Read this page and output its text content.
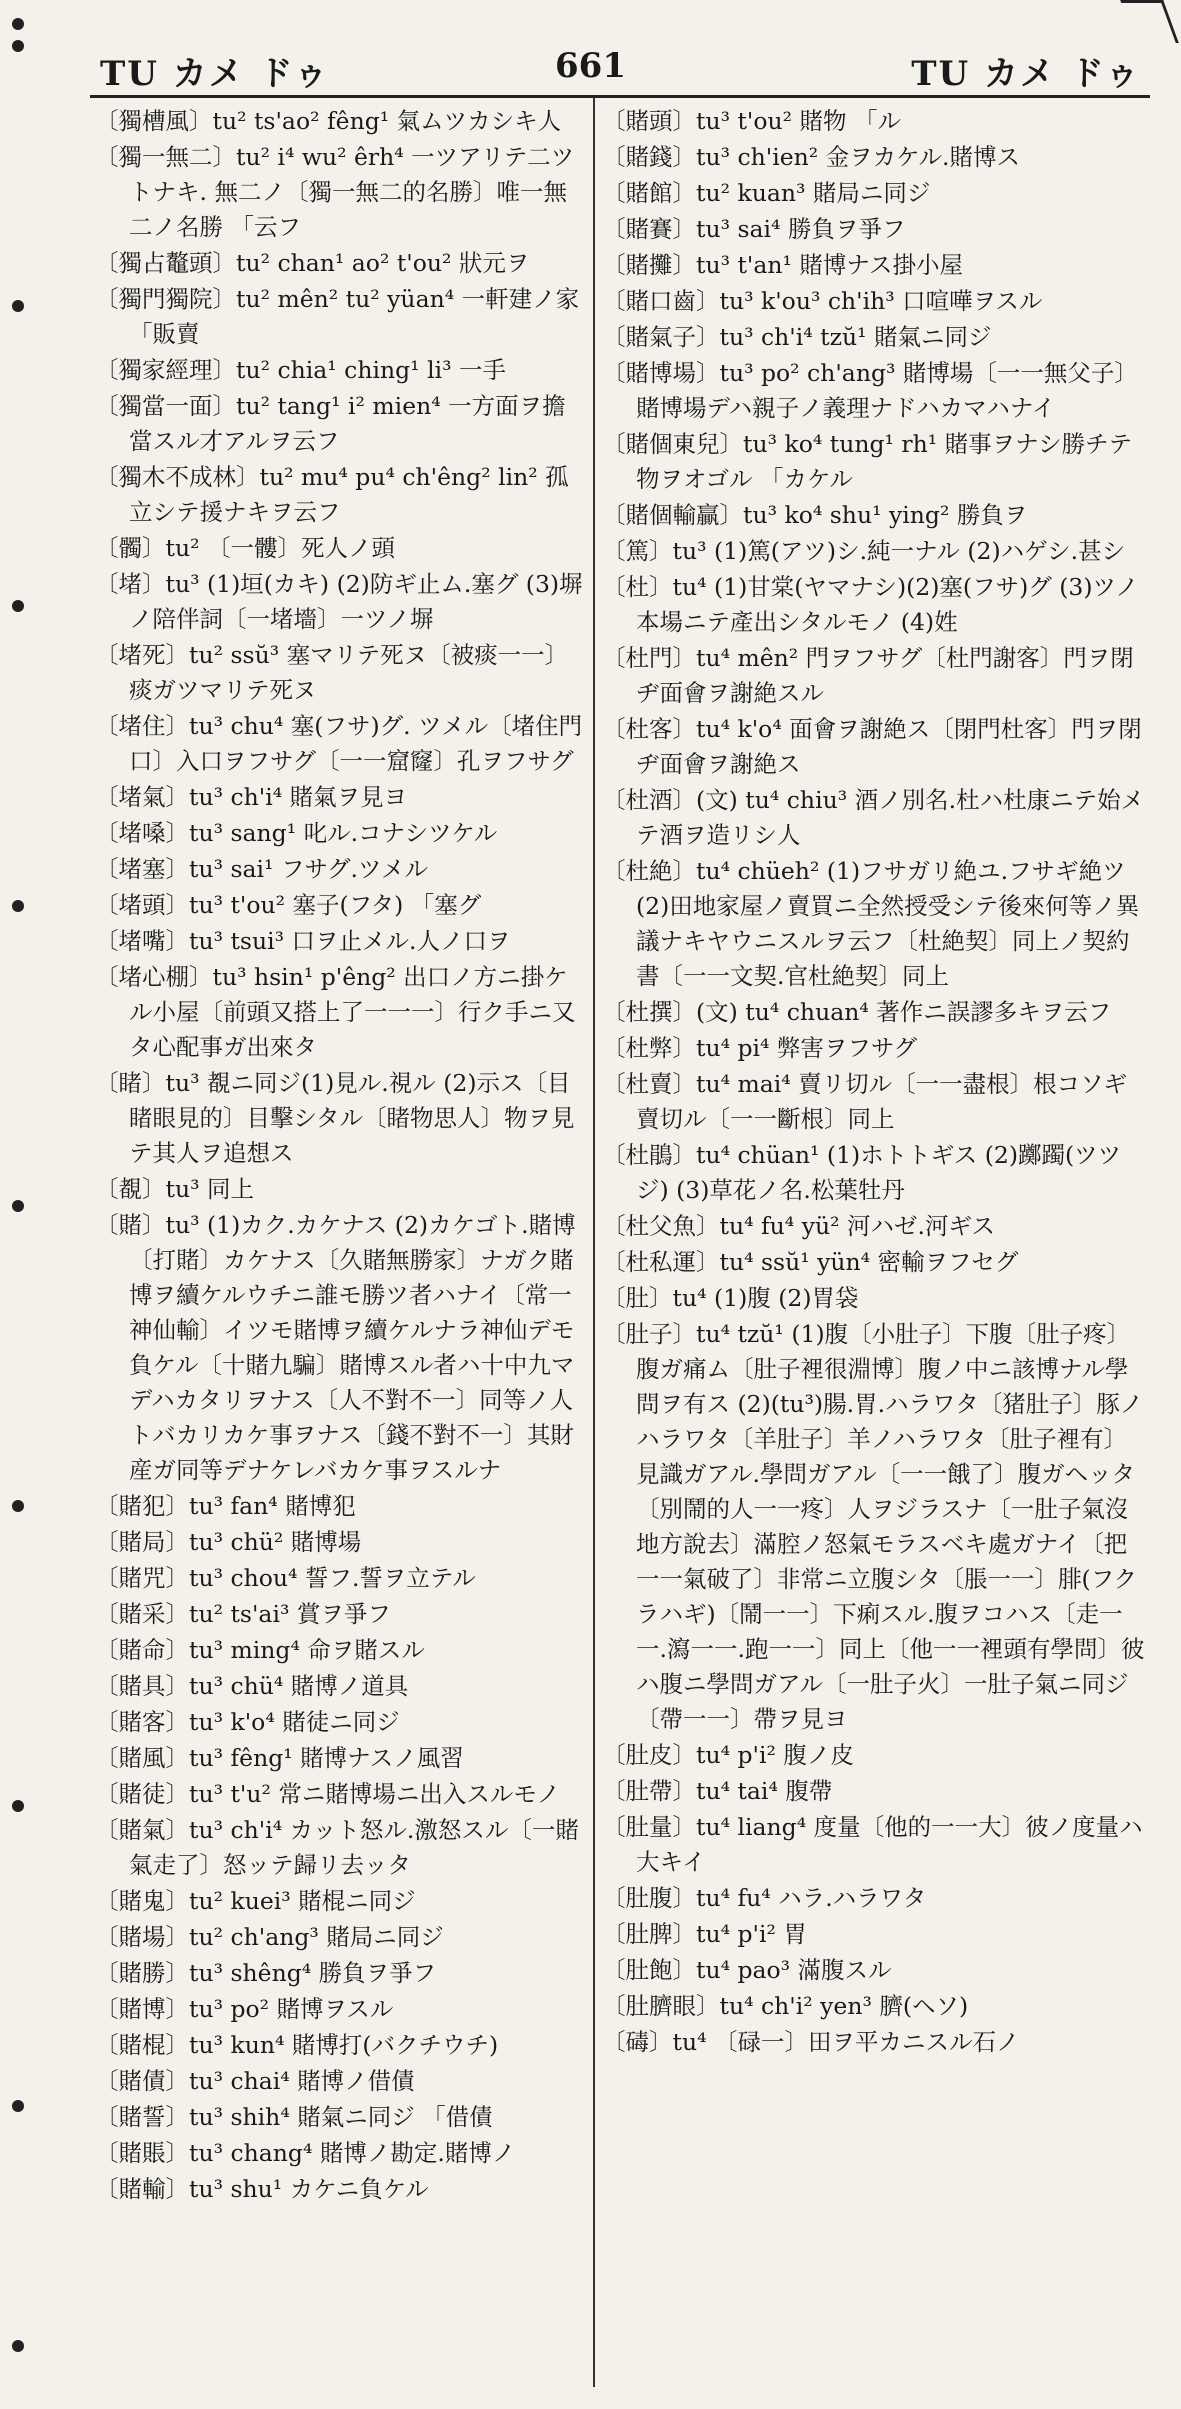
TU カメ ドゥ	661	TU カメ ドゥ

〔獨槽風〕tu² ts'ao² fêng¹ 氣ムツカシキ人

〔獨一無二〕tu² i⁴ wu² êrh⁴ 一ツアリテ二ツトナキ. 無二ノ〔獨一無二的名勝〕唯一無二ノ名勝 「云フ

〔獨占鼇頭〕tu² chan¹ ao² t'ou² 狀元ヲ

〔獨門獨院〕tu² mên² tu² yüan⁴ 一軒建ノ家 「販賣

〔獨家經理〕tu² chia¹ ching¹ li³ 一手

〔獨當一面〕tu² tang¹ i² mien⁴ 一方面ヲ擔當スル才アルヲ云フ

〔獨木不成林〕tu² mu⁴ pu⁴ ch'êng² lin² 孤立シテ援ナキヲ云フ

〔髑〕tu² 〔一髏〕死人ノ頭

〔堵〕tu³ (1)垣(カキ) (2)防ギ止ム.塞グ (3)塀ノ陪伴詞〔一堵墻〕一ツノ塀

〔堵死〕tu² ssŭ³ 塞マリテ死ヌ〔被痰一一〕痰ガツマリテ死ヌ

〔堵住〕tu³ chu⁴ 塞(フサ)グ. ツメル〔堵住門口〕入口ヲフサグ〔一一窟窿〕孔ヲフサグ

〔堵氣〕tu³ ch'i⁴ 賭氣ヲ見ヨ

〔堵嗓〕tu³ sang¹ 叱ル.コナシツケル

〔堵塞〕tu³ sai¹ フサグ.ツメル

〔堵頭〕tu³ t'ou² 塞子(フタ) 「塞グ

〔堵嘴〕tu³ tsui³ 口ヲ止メル.人ノ口ヲ

〔堵心棚〕tu³ hsin¹ p'êng² 出口ノ方ニ掛ケル小屋〔前頭又搭上了一一一〕行ク手ニ又タ心配事ガ出來タ

〔睹〕tu³ 覩ニ同ジ(1)見ル.視ル (2)示ス〔目睹眼見的〕目擊シタル〔睹物思人〕物ヲ見テ其人ヲ追想ス

〔覩〕tu³ 同上

〔賭〕tu³ (1)カク.カケナス (2)カケゴト.賭博〔打賭〕カケナス〔久賭無勝家〕ナガク賭博ヲ續ケルウチニ誰モ勝ツ者ハナイ〔常一神仙輸〕イツモ賭博ヲ續ケルナラ神仙デモ負ケル〔十賭九騙〕賭博スル者ハ十中九マデハカタリヲナス〔人不對不一〕同等ノ人トバカリカケ事ヲナス〔錢不對不一〕其財産ガ同等デナケレバカケ事ヲスルナ

〔賭犯〕tu³ fan⁴ 賭博犯

〔賭局〕tu³ chü² 賭博場

〔賭咒〕tu³ chou⁴ 誓フ.誓ヲ立テル

〔賭采〕tu² ts'ai³ 賞ヲ爭フ

〔賭命〕tu³ ming⁴ 命ヲ賭スル

〔賭具〕tu³ chü⁴ 賭博ノ道具

〔賭客〕tu³ k'o⁴ 賭徒ニ同ジ

〔賭風〕tu³ fêng¹ 賭博ナスノ風習

〔賭徒〕tu³ t'u² 常ニ賭博場ニ出入スルモノ

〔賭氣〕tu³ ch'i⁴ カット怒ル.激怒スル〔一賭氣走了〕怒ッテ歸リ去ッタ

〔賭鬼〕tu² kuei³ 賭棍ニ同ジ

〔賭場〕tu² ch'ang³ 賭局ニ同ジ

〔賭勝〕tu³ shêng⁴ 勝負ヲ爭フ

〔賭博〕tu³ po² 賭博ヲスル

〔賭棍〕tu³ kun⁴ 賭博打(バクチウチ)

〔賭債〕tu³ chai⁴ 賭博ノ借債

〔賭誓〕tu³ shih⁴ 賭氣ニ同ジ 「借債

〔賭賬〕tu³ chang⁴ 賭博ノ勘定.賭博ノ

〔賭輸〕tu³ shu¹ カケニ負ケル

〔賭頭〕tu³ t'ou² 賭物 「ル

〔賭錢〕tu³ ch'ien² 金ヲカケル.賭博ス

〔賭館〕tu² kuan³ 賭局ニ同ジ

〔賭賽〕tu³ sai⁴ 勝負ヲ爭フ

〔賭攤〕tu³ t'an¹ 賭博ナス掛小屋

〔賭口齒〕tu³ k'ou³ ch'ih³ 口喧嘩ヲスル

〔賭氣子〕tu³ ch'i⁴ tzŭ¹ 賭氣ニ同ジ

〔賭博場〕tu³ po² ch'ang³ 賭博場〔一一無父子〕賭博場デハ親子ノ義理ナドハカマハナイ

〔賭個東兒〕tu³ ko⁴ tung¹ rh¹ 賭事ヲナシ勝チテ物ヲオゴル 「カケル

〔賭個輸贏〕tu³ ko⁴ shu¹ ying² 勝負ヲ

〔篤〕tu³ (1)篤(アツ)シ.純一ナル (2)ハゲシ.甚シ

〔杜〕tu⁴ (1)甘棠(ヤマナシ)(2)塞(フサ)グ (3)ツノ本場ニテ產出シタルモノ (4)姓

〔杜門〕tu⁴ mên² 門ヲフサグ〔杜門謝客〕門ヲ閉ヂ面會ヲ謝絶スル

〔杜客〕tu⁴ k'o⁴ 面會ヲ謝絶ス〔閉門杜客〕門ヲ閉ヂ面會ヲ謝絶ス

〔杜酒〕(文) tu⁴ chiu³ 酒ノ別名.杜ハ杜康ニテ始メテ酒ヲ造リシ人

〔杜絶〕tu⁴ chüeh² (1)フサガリ絶ユ.フサギ絶ツ (2)田地家屋ノ賣買ニ全然授受シテ後來何等ノ異議ナキヤウニスルヲ云フ〔杜絶契〕同上ノ契約書〔一一文契.官杜絶契〕同上

〔杜撰〕(文) tu⁴ chuan⁴ 著作ニ誤謬多キヲ云フ

〔杜弊〕tu⁴ pi⁴ 弊害ヲフサグ

〔杜賣〕tu⁴ mai⁴ 賣リ切ル〔一一盡根〕根コソギ賣切ル〔一一斷根〕同上

〔杜鵑〕tu⁴ chüan¹ (1)ホトトギス (2)躑躅(ツツジ) (3)草花ノ名.松葉牡丹

〔杜父魚〕tu⁴ fu⁴ yü² 河ハゼ.河ギス

〔杜私運〕tu⁴ ssŭ¹ yün⁴ 密輸ヲフセグ

〔肚〕tu⁴ (1)腹 (2)胃袋

〔肚子〕tu⁴ tzŭ¹ (1)腹〔小肚子〕下腹〔肚子疼〕腹ガ痛ム〔肚子裡很淵博〕腹ノ中ニ該博ナル學問ヲ有ス (2)(tu³)腸.胃.ハラワタ〔猪肚子〕豚ノハラワタ〔羊肚子〕羊ノハラワタ〔肚子裡有〕見識ガアル.學問ガアル〔一一餓了〕腹ガヘッタ〔別鬧的人一一疼〕人ヲジラスナ〔一肚子氣沒地方說去〕滿腔ノ怒氣モラスベキ處ガナイ〔把一一氣破了〕非常ニ立腹シタ〔脹一一〕腓(フクラハギ)〔鬧一一〕下痢スル.腹ヲコハス〔走一一.瀉一一.跑一一〕同上〔他一一裡頭有學問〕彼ハ腹ニ學問ガアル〔一肚子火〕一肚子氣ニ同ジ〔帶一一〕帶ヲ見ヨ

〔肚皮〕tu⁴ p'i² 腹ノ皮

〔肚帶〕tu⁴ tai⁴ 腹帶

〔肚量〕tu⁴ liang⁴ 度量〔他的一一大〕彼ノ度量ハ大キイ

〔肚腹〕tu⁴ fu⁴ ハラ.ハラワタ

〔肚脾〕tu⁴ p'i² 胃

〔肚飽〕tu⁴ pao³ 滿腹スル

〔肚臍眼〕tu⁴ ch'i² yen³ 臍(ヘソ)

〔碡〕tu⁴ 〔碌一〕田ヲ平カニスル石ノ
